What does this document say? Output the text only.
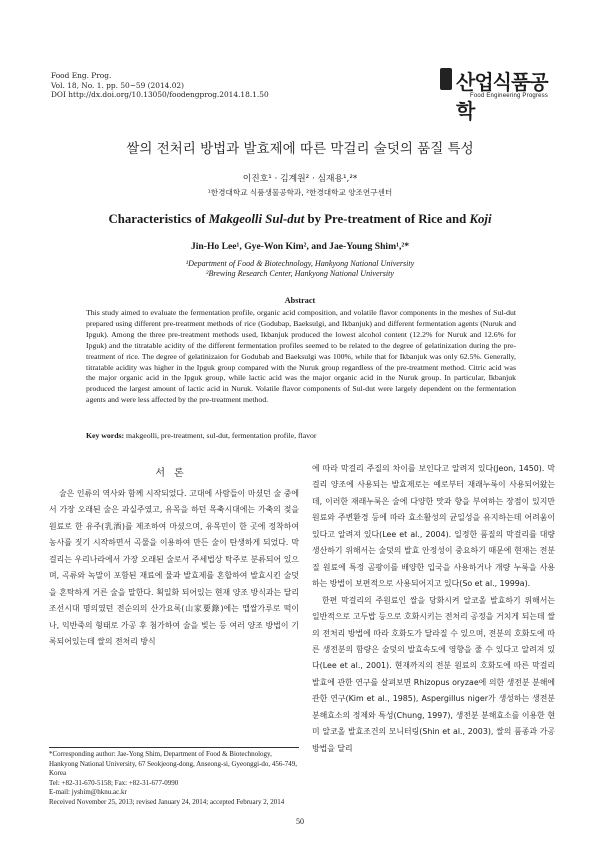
Food Eng. Prog.
Vol. 18, No. 1. pp. 50~59 (2014.02)
DOI http://dx.doi.org/10.13050/foodengprog.2014.18.1.50
산업식품공학
Food Engineering Progress
쌀의 전처리 방법과 발효제에 따른 막걸리 술덧의 품질 특성
이진호¹ · 김계원² · 심재용¹,²*
¹한경대학교 식품생물공학과, ²한경대학교 양조연구센터
Characteristics of Makgeolli Sul-dut by Pre-treatment of Rice and Koji
Jin-Ho Lee¹, Gye-Won Kim², and Jae-Young Shim¹,²*
¹Department of Food & Biotechnology, Hankyong National University
²Brewing Research Center, Hankyong National University
Abstract
This study aimed to evaluate the fermentation profile, organic acid composition, and volatile flavor components in the meshes of Sul-dut prepared using different pre-treatment methods of rice (Godubap, Baeksulgi, and Ikbanjuk) and different fermentation agents (Nuruk and Ipguk). Among the three pre-treatment methods used, Ikbanjuk produced the lowest alcohol content (12.2% for Nuruk and 12.6% for Ipguk) and the titratable acidity of the different fermentation profiles seemed to be related to the degree of gelatinization during the pre-treatment of rice. The degree of gelatinizaion for Godubab and Baeksulgi was 100%, while that for Ikbanjuk was only 62.5%. Generally, titratable acidity was higher in the Ipguk group compared with the Nuruk group regardless of the pre-treatment method. Citric acid was the major organic acid in the Ipguk group, while lactic acid was the major organic acid in the Nuruk group. In particular, Ikbanjuk produced the largest amount of lactic acid in Nuruk. Volatile flavor components of Sul-dut were largely dependent on the fermentation agents and were less affected by the pre-treatment method.
Key words: makgeolli, pre-treatment, sul-dut, fermentation profile, flavor
서론

술은 인류의 역사와 함께 시작되었다. 고대에 사람들이 마셨던 술 중에서 가장 오래된 술은 과실주였고, 유목을 하던 목축시대에는 가축의 젖을 원료로 한 유주(乳酒)를 제조하여 마셨으며, 유목민이 한 곳에 정착하여 농사를 짓기 시작하면서 곡물을 이용하여 만든 술이 탄생하게 되었다. 막걸리는 우리나라에서 가장 오래된 술로서 주세법상 탁주로 분류되어 있으며, 곡류와 녹말이 포함된 재료에 물과 발효제를 혼합하여 발효시킨 술덧을 혼탁하게 거른 술을 말한다. 획일화 되어있는 현재 양조 방식과는 달리 조선시대 명의였던 전순의의 산가요록(山家要錄)에는 맵쌀가루로 떡이나, 익반죽의 형태로 가공 후 첨가하여 술을 빚는 등 여러 양조 방법이 기록되어있는데 쌀의 전처리 방식

에 따라 막걸리 주질의 차이를 보인다고 알려져 있다(Jeon, 1450). 막걸리 양조에 사용되는 발효제로는 예로부터 재래누룩이 사용되어왔는데, 이러한 재래누룩은 술에 다양한 맛과 향을 부여하는 장점이 있지만 원료와 주변환경 등에 따라 효소활성의 균일성을 유지하는데 어려움이 있다고 알려져 있다(Lee et al., 2004). 일정한 품질의 막걸리를 대량생산하기 위해서는 술덧의 발효 안정성이 중요하기 때문에 현재는 전분질 원료에 특정 곰팡이를 배양한 입국을 사용하거나 개량 누룩을 사용하는 방법이 보편적으로 사용되어지고 있다(So et al., 1999a).

한편 막걸리의 주원료인 쌀을 당화시켜 알코올 발효하기 위해서는 일반적으로 고두밥 등으로 호화시키는 전처리 공정을 거치게 되는데 쌀의 전처리 방법에 따라 호화도가 달라질 수 있으며, 전분의 호화도에 따른 생전분의 함량은 술덧의 발효속도에 영향을 줄 수 있다고 알려져 있다(Lee et al., 2001). 현재까지의 전분 원료의 호화도에 따른 막걸리 발효에 관한 연구를 살펴보면 Rhizopus oryzae에 의한 생전분 분해에 관한 연구(Kim et al., 1985), Aspergillus niger가 생성하는 생전분 분해효소의 정제와 특성(Chung, 1997), 생전분 분해효소를 이용한 현미 알코올 발효조건의 모니터링(Shin et al., 2003), 쌀의 품종과 가공방법을 달리

*Corresponding author: Jae-Yong Shim, Department of Food & Biotechnology, Hankyong National University, 67 Seokjeong-dong, Anseong-si, Gyeonggi-do, 456-749, Korea
Tel: +82-31-670-5158; Fax: +82-31-677-0990
E-mail: jyshim@hknu.ac.kr
Received November 25, 2013; revised January 24, 2014; accepted February 2, 2014
50
